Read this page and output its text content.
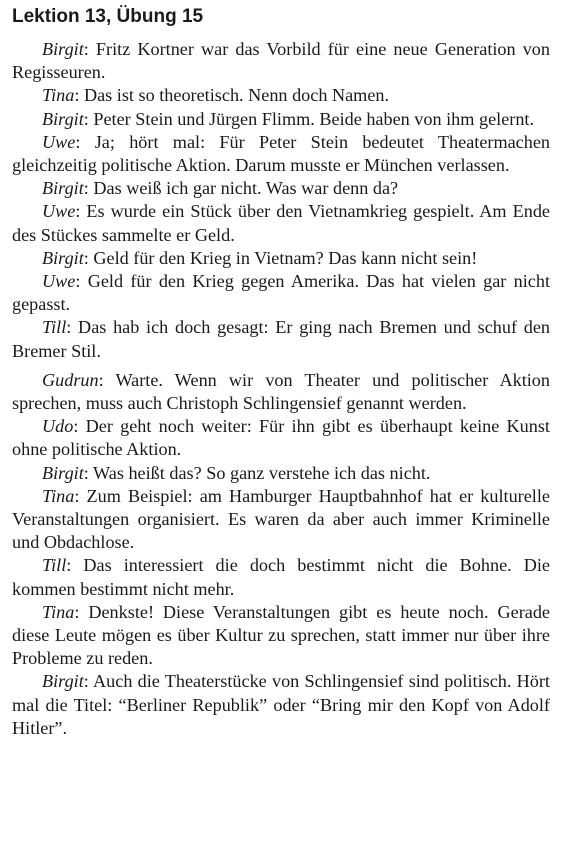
Lektion 13, Übung 15

Birgit: Fritz Kortner war das Vorbild für eine neue Generation von Regisseuren.

Tina: Das ist so theoretisch. Nenn doch Namen.

Birgit: Peter Stein und Jürgen Flimm. Beide haben von ihm gelernt.

Uwe: Ja; hört mal: Für Peter Stein bedeutet Theatermachen gleichzeitig politische Aktion. Darum musste er München verlassen.

Birgit: Das weiß ich gar nicht. Was war denn da?

Uwe: Es wurde ein Stück über den Vietnamkrieg gespielt. Am Ende des Stückes sammelte er Geld.

Birgit: Geld für den Krieg in Vietnam? Das kann nicht sein!

Uwe: Geld für den Krieg gegen Amerika. Das hat vielen gar nicht gepasst.

Till: Das hab ich doch gesagt: Er ging nach Bremen und schuf den Bremer Stil.

Gudrun: Warte. Wenn wir von Theater und politischer Aktion sprechen, muss auch Christoph Schlingensief genannt werden.

Udo: Der geht noch weiter: Für ihn gibt es überhaupt keine Kunst ohne politische Aktion.

Birgit: Was heißt das? So ganz verstehe ich das nicht.

Tina: Zum Beispiel: am Hamburger Hauptbahnhof hat er kulturelle Veranstaltungen organisiert. Es waren da aber auch immer Kriminelle und Obdachlose.

Till: Das interessiert die doch bestimmt nicht die Bohne. Die kommen bestimmt nicht mehr.

Tina: Denkste! Diese Veranstaltungen gibt es heute noch. Gerade diese Leute mögen es über Kultur zu sprechen, statt immer nur über ihre Probleme zu reden.

Birgit: Auch die Theaterstücke von Schlingensief sind politisch. Hört mal die Titel: “Berliner Republik” oder “Bring mir den Kopf von Adolf Hitler”.
